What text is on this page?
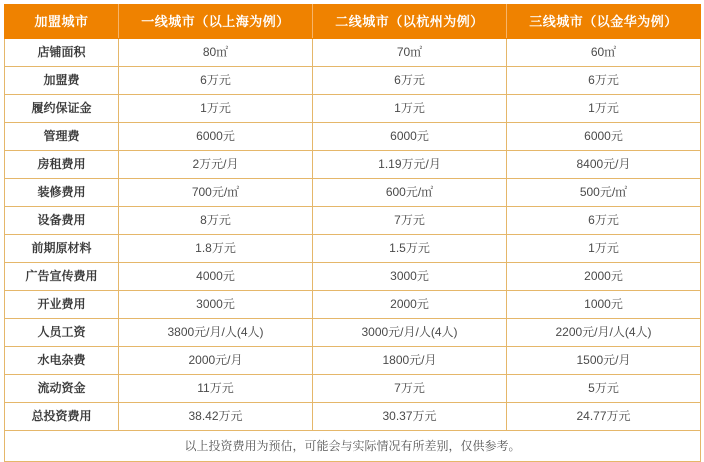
加盟城市	一线城市（以上海为例）	二线城市（以杭州为例）	三线城市（以金华为例）
店铺面积	80㎡	70㎡	60㎡
加盟费	6万元	6万元	6万元
履约保证金	1万元	1万元	1万元
管理费	6000元	6000元	6000元
房租费用	2万元/月	1.19万元/月	8400元/月
装修费用	700元/㎡	600元/㎡	500元/㎡
设备费用	8万元	7万元	6万元
前期原材料	1.8万元	1.5万元	1万元
广告宣传费用	4000元	3000元	2000元
开业费用	3000元	2000元	1000元
人员工资	3800元/月/人(4人)	3000元/月/人(4人)	2200元/月/人(4人)
水电杂费	2000元/月	1800元/月	1500元/月
流动资金	11万元	7万元	5万元
总投资费用	38.42万元	30.37万元	24.77万元
以上投资费用为预估，可能会与实际情况有所差别，仅供参考。			
